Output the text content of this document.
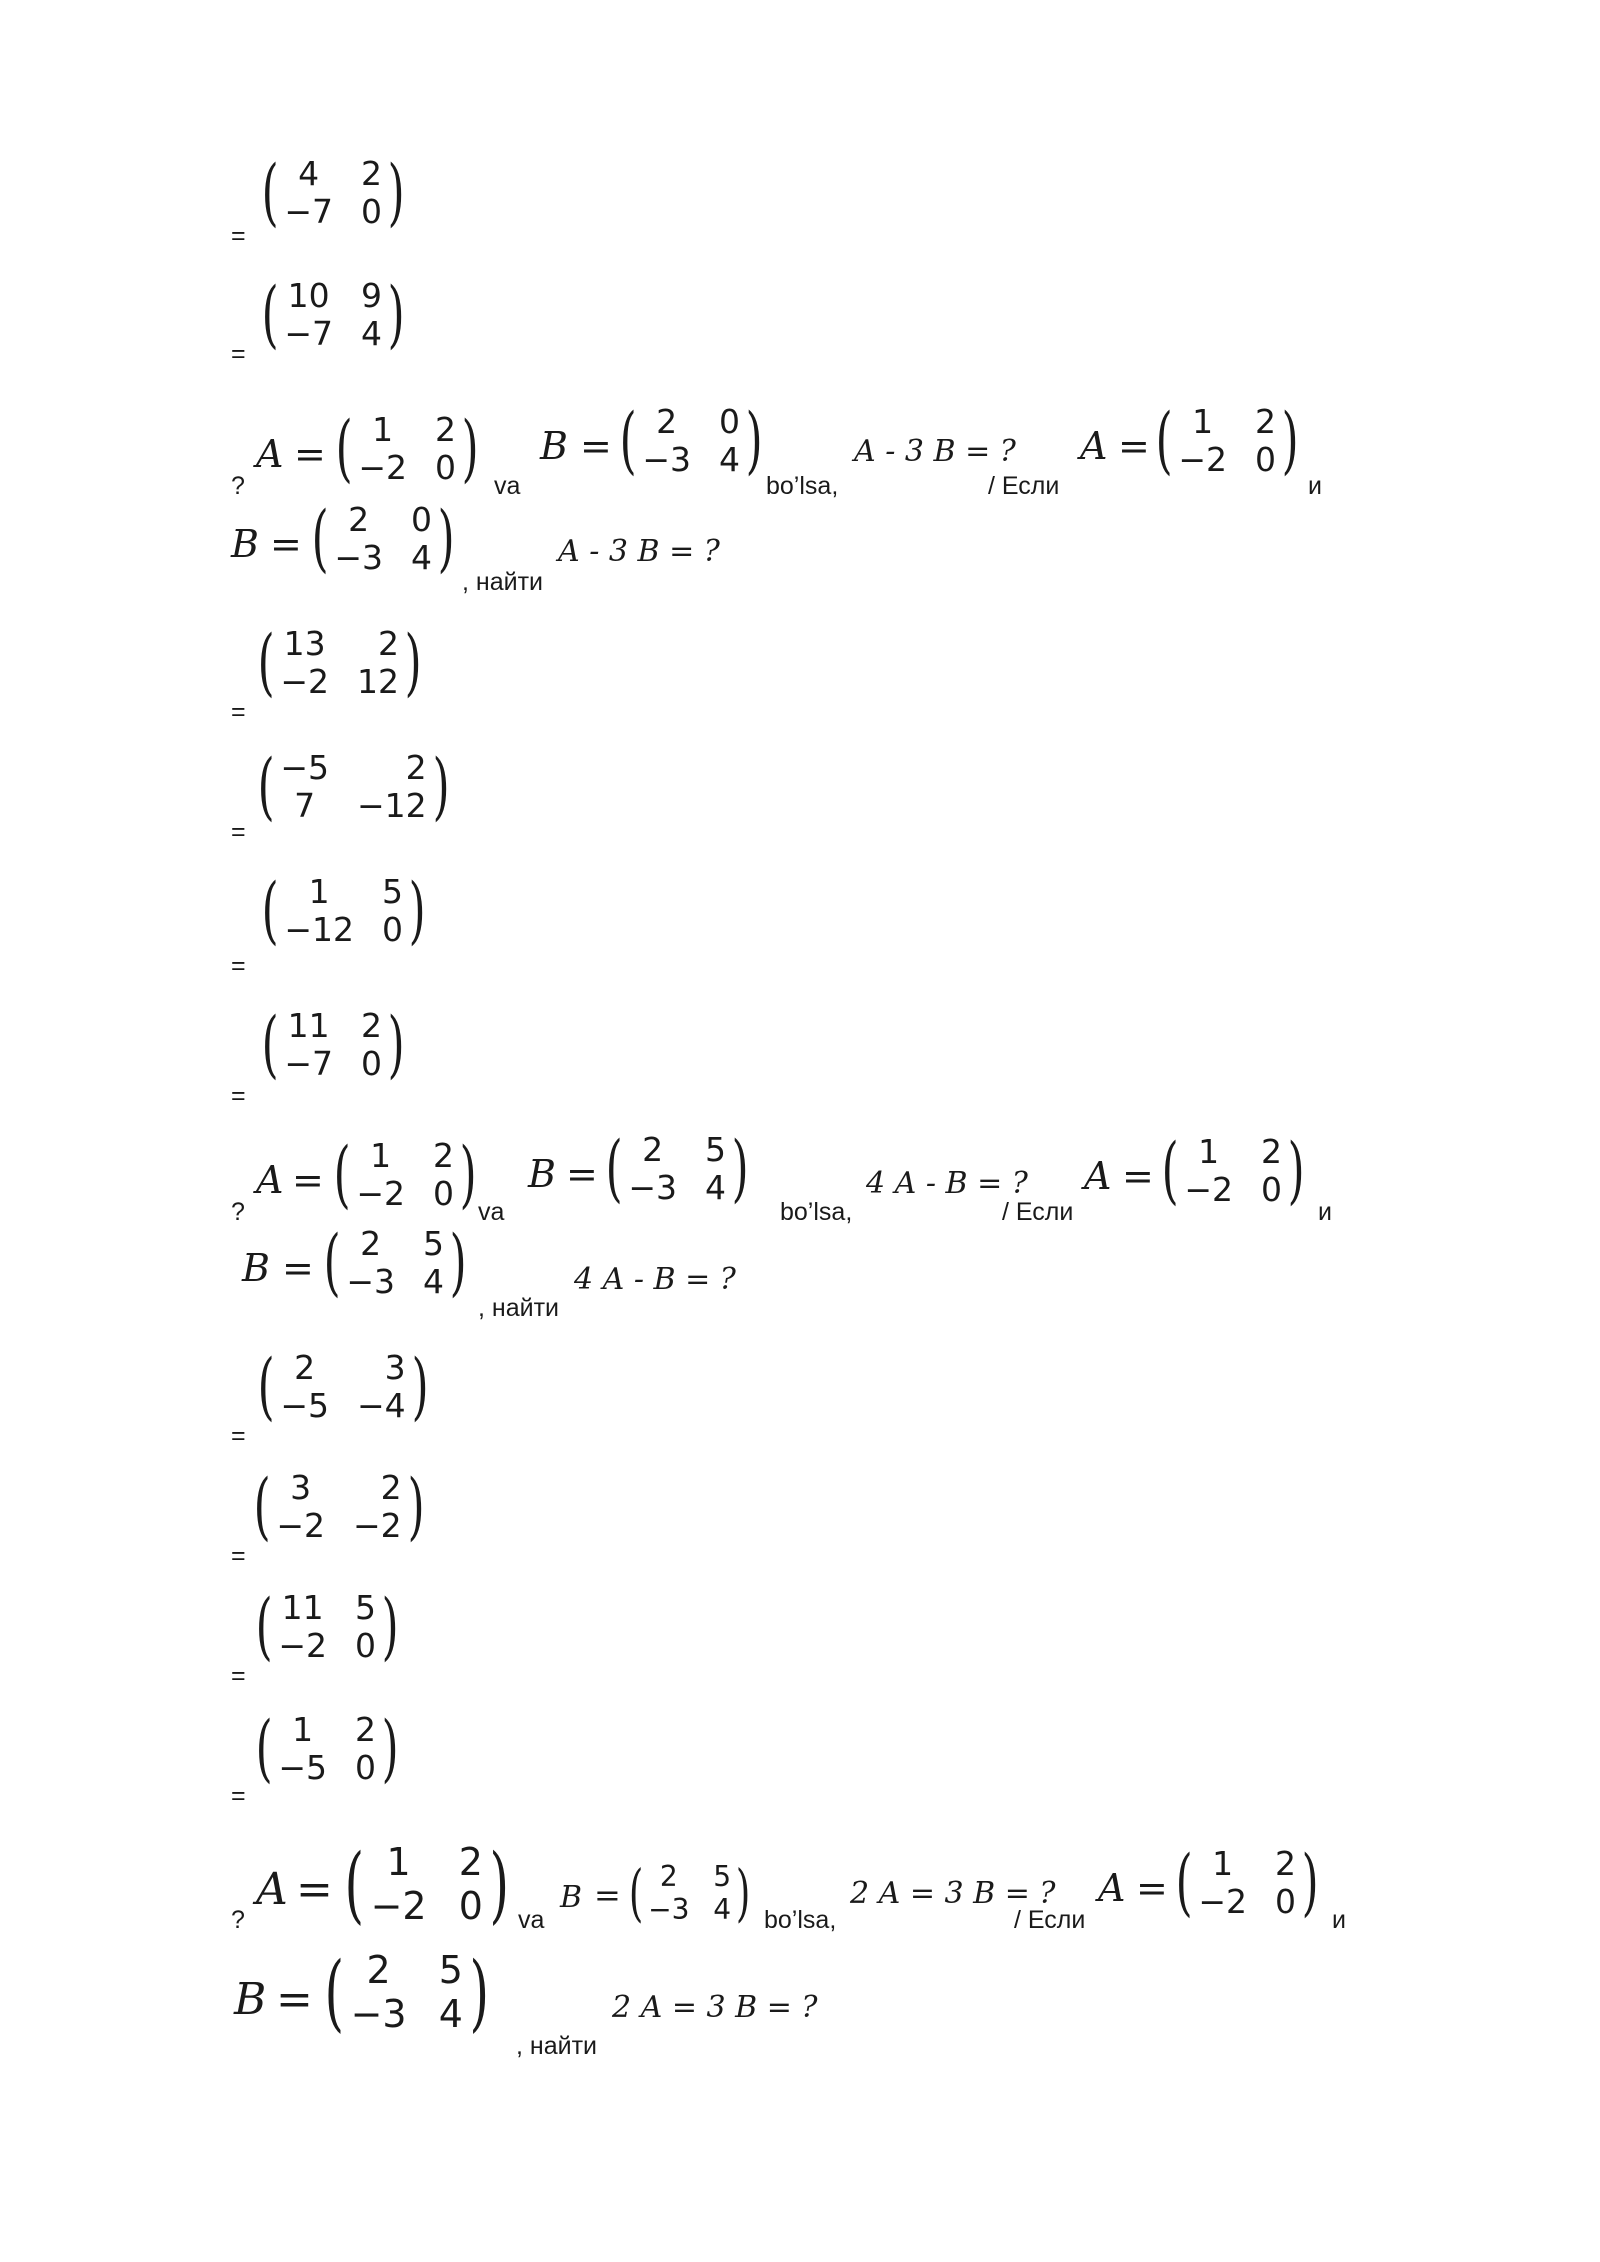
=
( 4	2
−7 0 )
= ( 10 9
−7 4 )
?
A = ( 1	2
−2 0 ) va
B = ( 2	0
−3 4 )
bo’lsa,
A - 3 B = ?
/ Если
A = ( 1	2
−2 0 )
и
B = ( 2	0
−3 4 )
, найти
A - 3 B = ?
=
( 13	2
−2 12 )
=
( −5	2
7	−12 )
=
( 1	5
−12 0 )
=
( 11 2
−7 0 )
?
A = ( 1	2
−2 0 ) va
B = ( 2	5
−3 4 )
bo’lsa,
4 A - B = ?
/ Если
A = ( 1	2
−2 0 ) и
B = ( 2	5
−3 4 )
, найти
4 A - B = ?
=
( 2	3
−5 −4 )
=
( 3	2
−2 −2 )
=
( 11 5
−2 0 )
=
( 1	2
−5 0 )
?
A = ( 1	2
−2 0 ) va
B = ( 2	5
−3 4 ) bo’lsa,
2 A = 3 B = ?
/ Если
A = ( 1	2
−2 0 ) и
B = ( 2	5
−3 4 )
, найти
2 A = 3 B = ?
